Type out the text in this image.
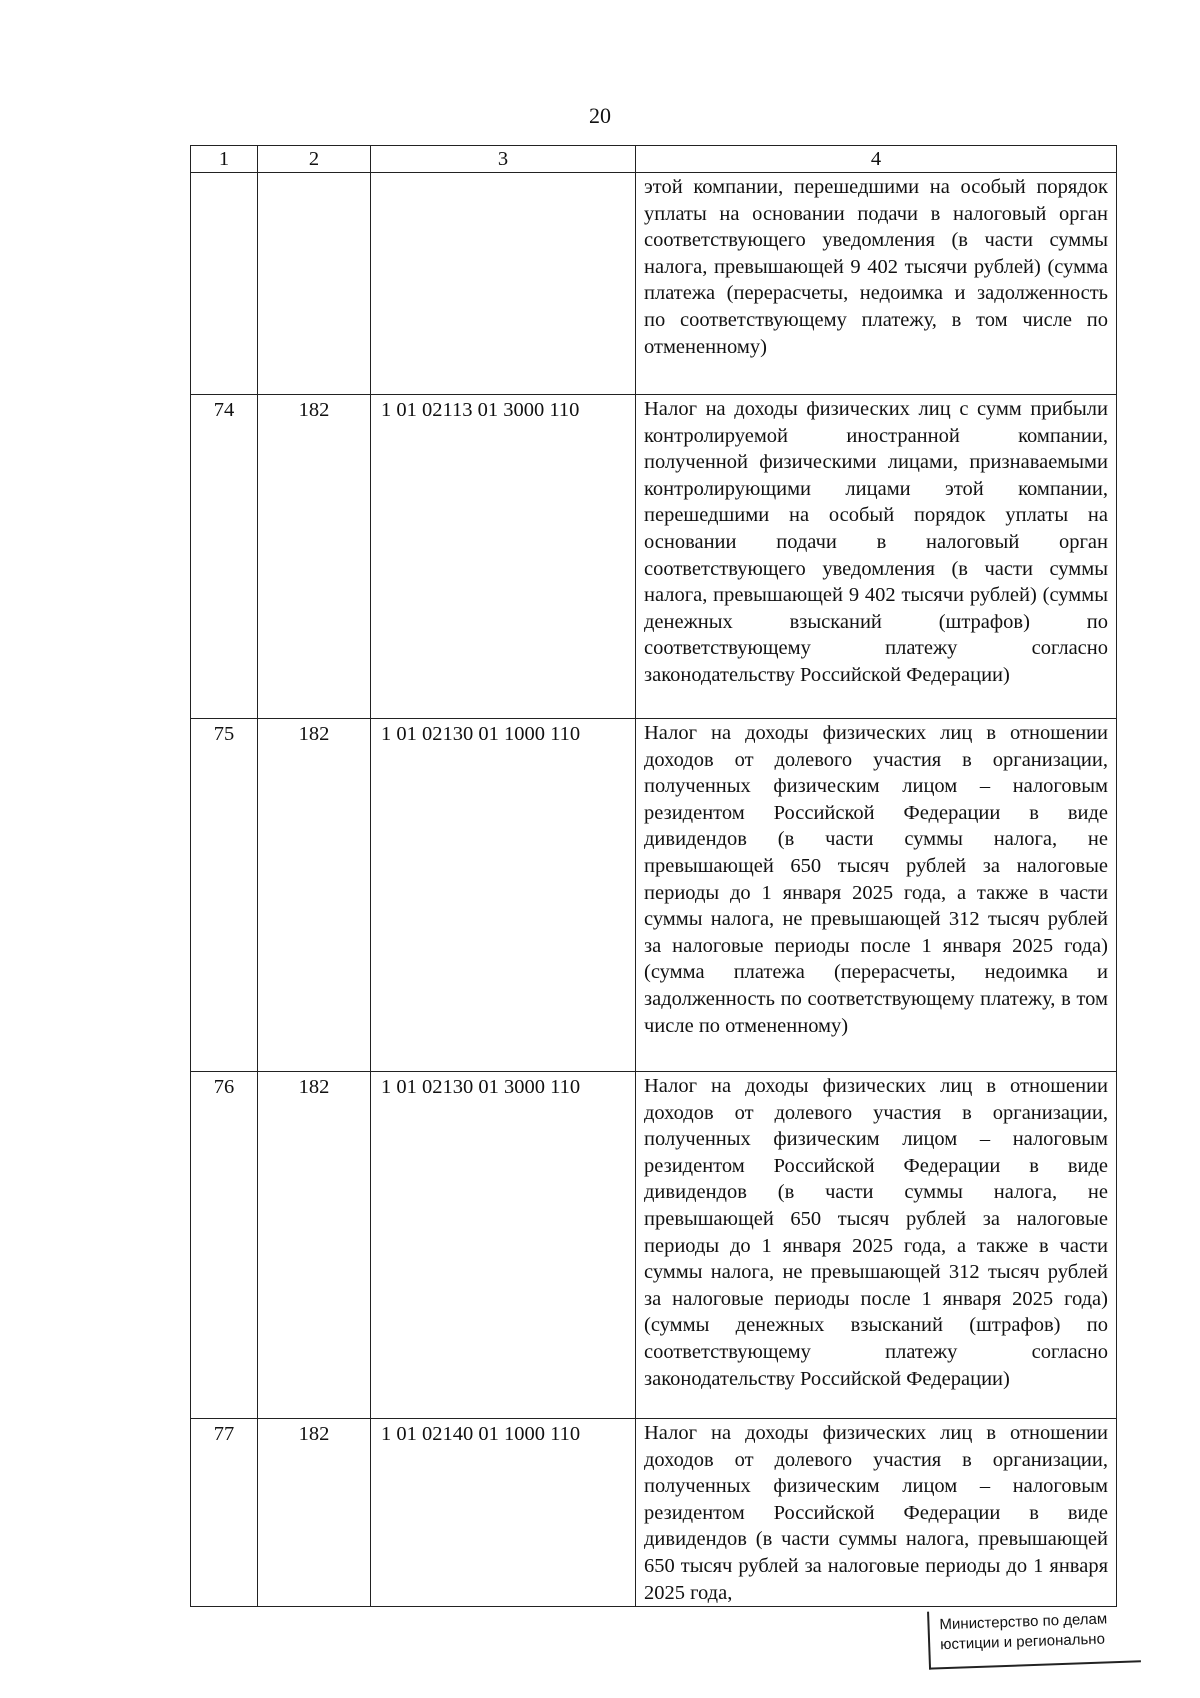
20
1	2	3	4
			этой компании, перешедшими на особый порядок уплаты на основании подачи в налоговый орган соответствующего уведомления (в части суммы налога, превышающей 9 402 тысячи рублей) (сумма платежа (перерасчеты, недоимка и задолженность по соответствующему платежу, в том числе по отмененному)
74	182	1 01 02113 01 3000 110	Налог на доходы физических лиц с сумм прибыли контролируемой иностранной компании, полученной физическими лицами, признаваемыми контролирующими лицами этой компании, перешедшими на особый порядок уплаты на основании подачи в налоговый орган соответствующего уведомления (в части суммы налога, превышающей 9 402 тысячи рублей) (суммы денежных взысканий (штрафов) по соответствующему платежу согласно законодательству Российской Федерации)
75	182	1 01 02130 01 1000 110	Налог на доходы физических лиц в отношении доходов от долевого участия в организации, полученных физическим лицом – налоговым резидентом Российской Федерации в виде дивидендов (в части суммы налога, не превышающей 650 тысяч рублей за налоговые периоды до 1 января 2025 года, а также в части суммы налога, не превышающей 312 тысяч рублей за налоговые периоды после 1 января 2025 года) (сумма платежа (перерасчеты, недоимка и задолженность по соответствующему платежу, в том числе по отмененному)
76	182	1 01 02130 01 3000 110	Налог на доходы физических лиц в отношении доходов от долевого участия в организации, полученных физическим лицом – налоговым резидентом Российской Федерации в виде дивидендов (в части суммы налога, не превышающей 650 тысяч рублей за налоговые периоды до 1 января 2025 года, а также в части суммы налога, не превышающей 312 тысяч рублей за налоговые периоды после 1 января 2025 года) (суммы денежных взысканий (штрафов) по соответствующему платежу согласно законодательству Российской Федерации)
77	182	1 01 02140 01 1000 110	Налог на доходы физических лиц в отношении доходов от долевого участия в организации, полученных физическим лицом – налоговым резидентом Российской Федерации в виде дивидендов (в части суммы налога, превышающей 650 тысяч рублей за налоговые периоды до 1 января 2025 года,
Министерство по делам
юстиции и регионально
